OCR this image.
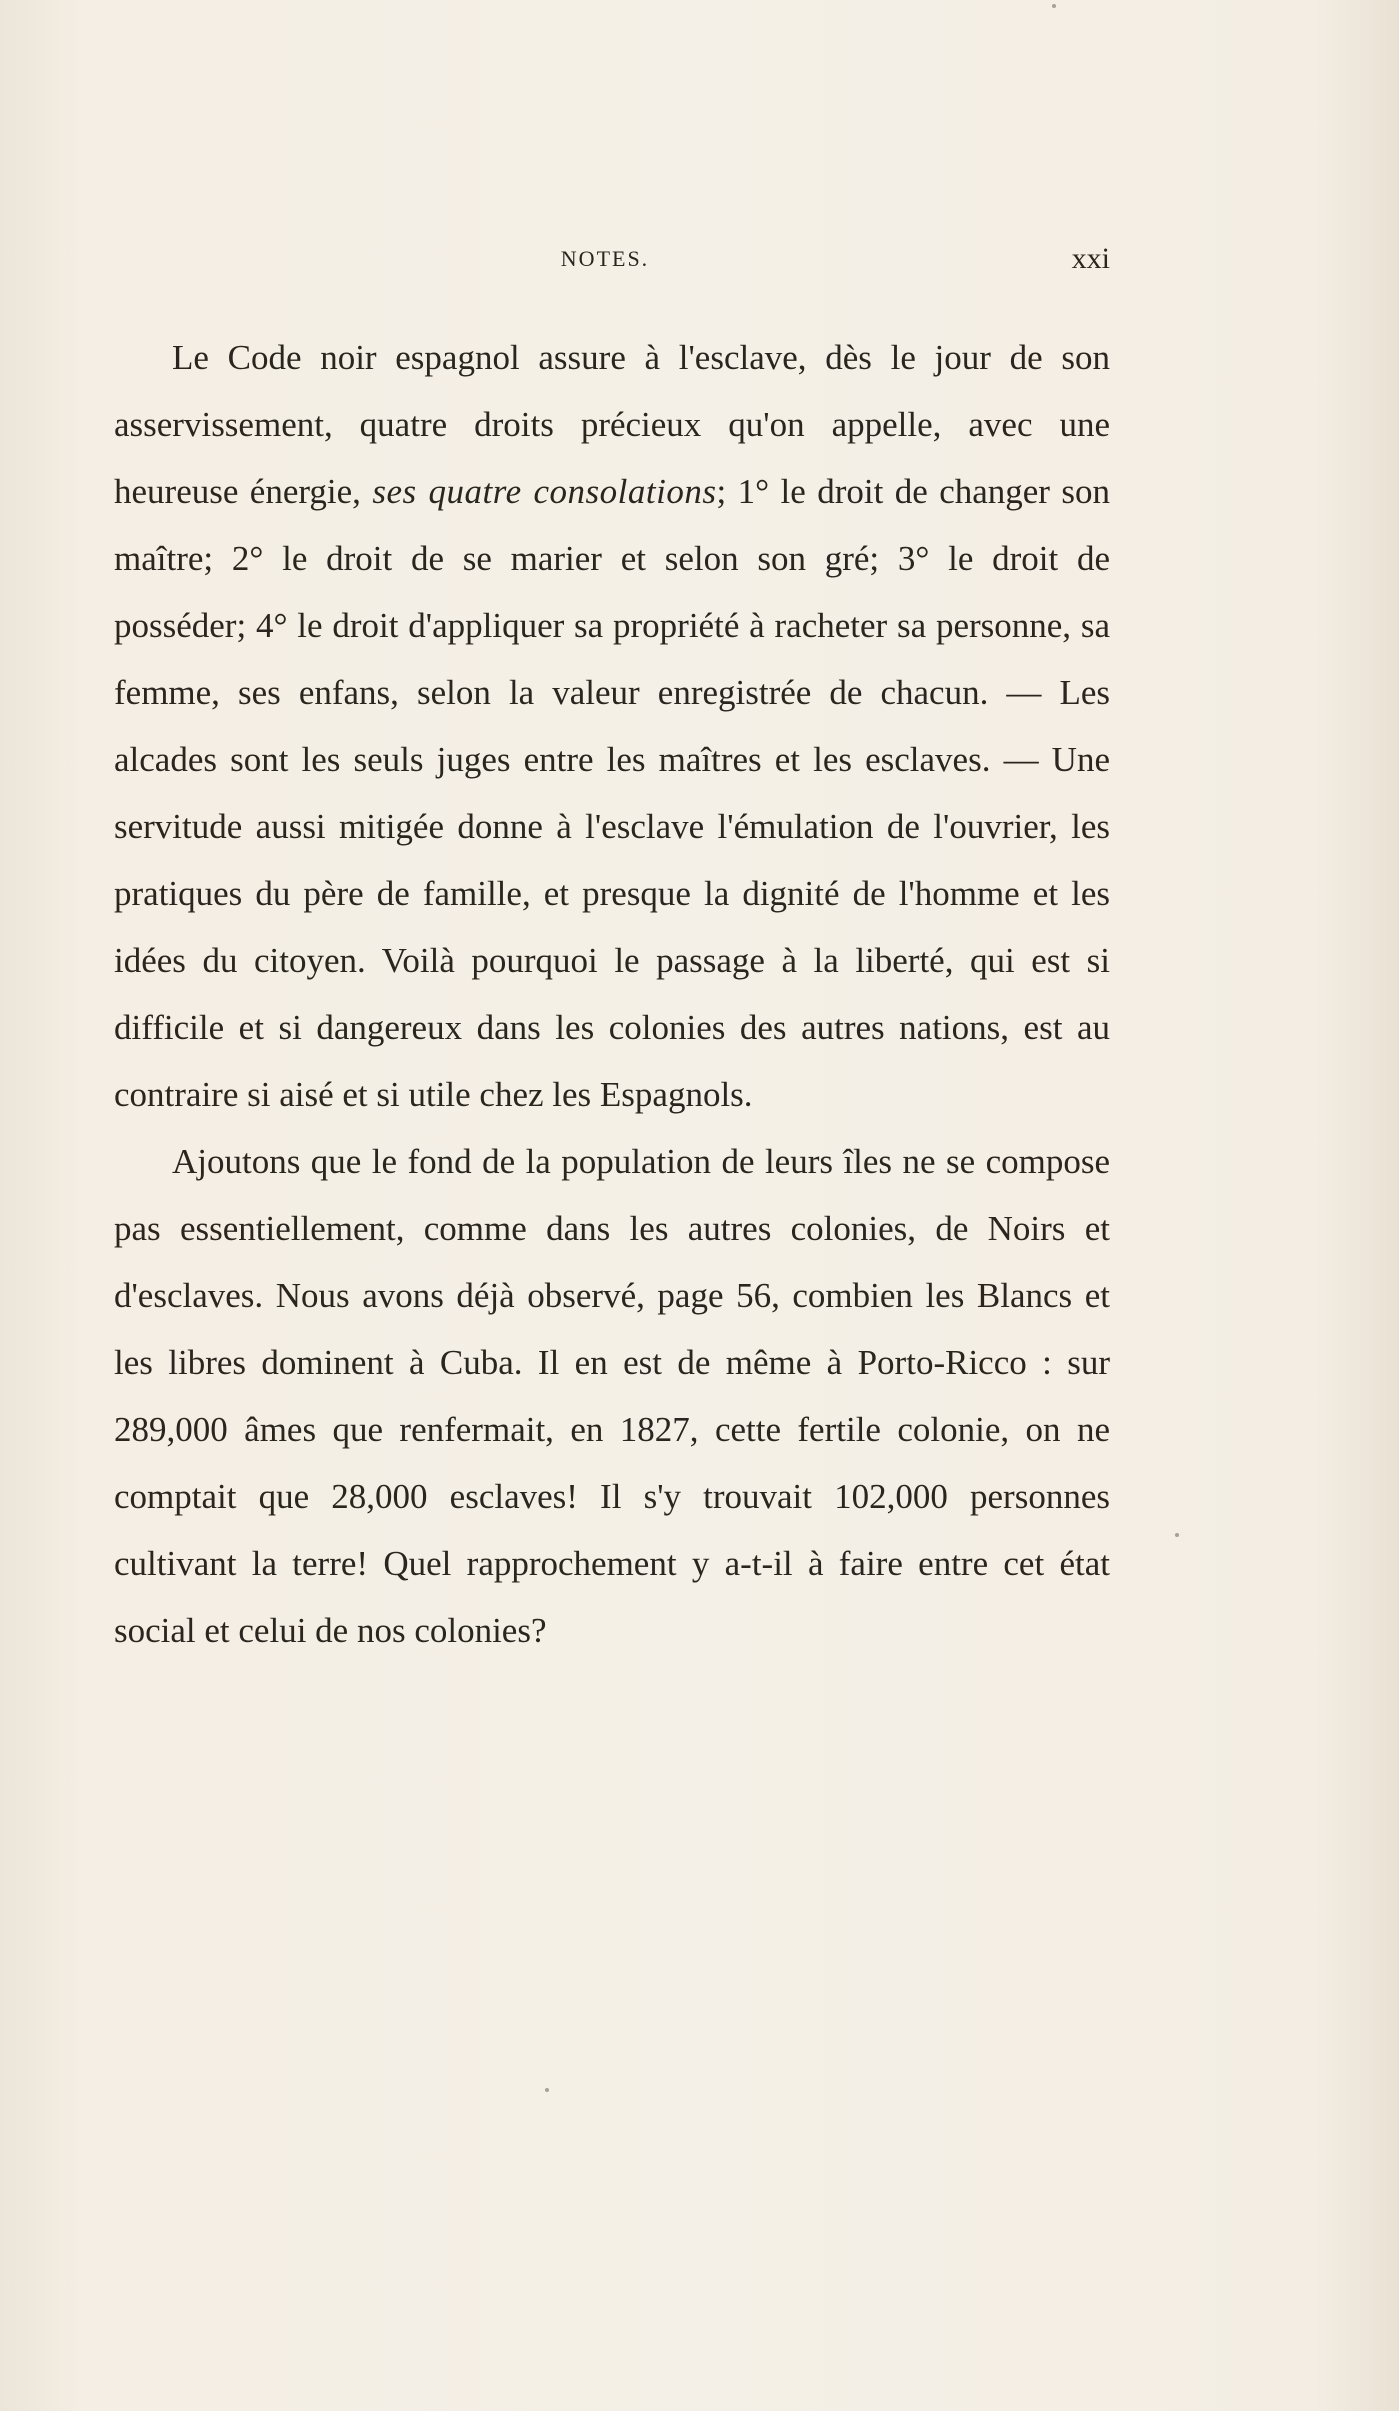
NOTES.	xxi

Le Code noir espagnol assure à l'esclave, dès le jour de son asservissement, quatre droits précieux qu'on appelle, avec une heureuse énergie, ses quatre consolations; 1° le droit de changer son maître; 2° le droit de se marier et selon son gré; 3° le droit de posséder; 4° le droit d'appliquer sa propriété à racheter sa personne, sa femme, ses enfans, selon la valeur enregistrée de chacun. — Les alcades sont les seuls juges entre les maîtres et les esclaves. — Une servitude aussi mitigée donne à l'esclave l'émulation de l'ouvrier, les pratiques du père de famille, et presque la dignité de l'homme et les idées du citoyen. Voilà pourquoi le passage à la liberté, qui est si difficile et si dangereux dans les colonies des autres nations, est au contraire si aisé et si utile chez les Espagnols.

Ajoutons que le fond de la population de leurs îles ne se compose pas essentiellement, comme dans les autres colonies, de Noirs et d'esclaves. Nous avons déjà observé, page 56, combien les Blancs et les libres dominent à Cuba. Il en est de même à Porto-Ricco : sur 289,000 âmes que renfermait, en 1827, cette fertile colonie, on ne comptait que 28,000 esclaves! Il s'y trouvait 102,000 personnes cultivant la terre! Quel rapprochement y a-t-il à faire entre cet état social et celui de nos colonies?
